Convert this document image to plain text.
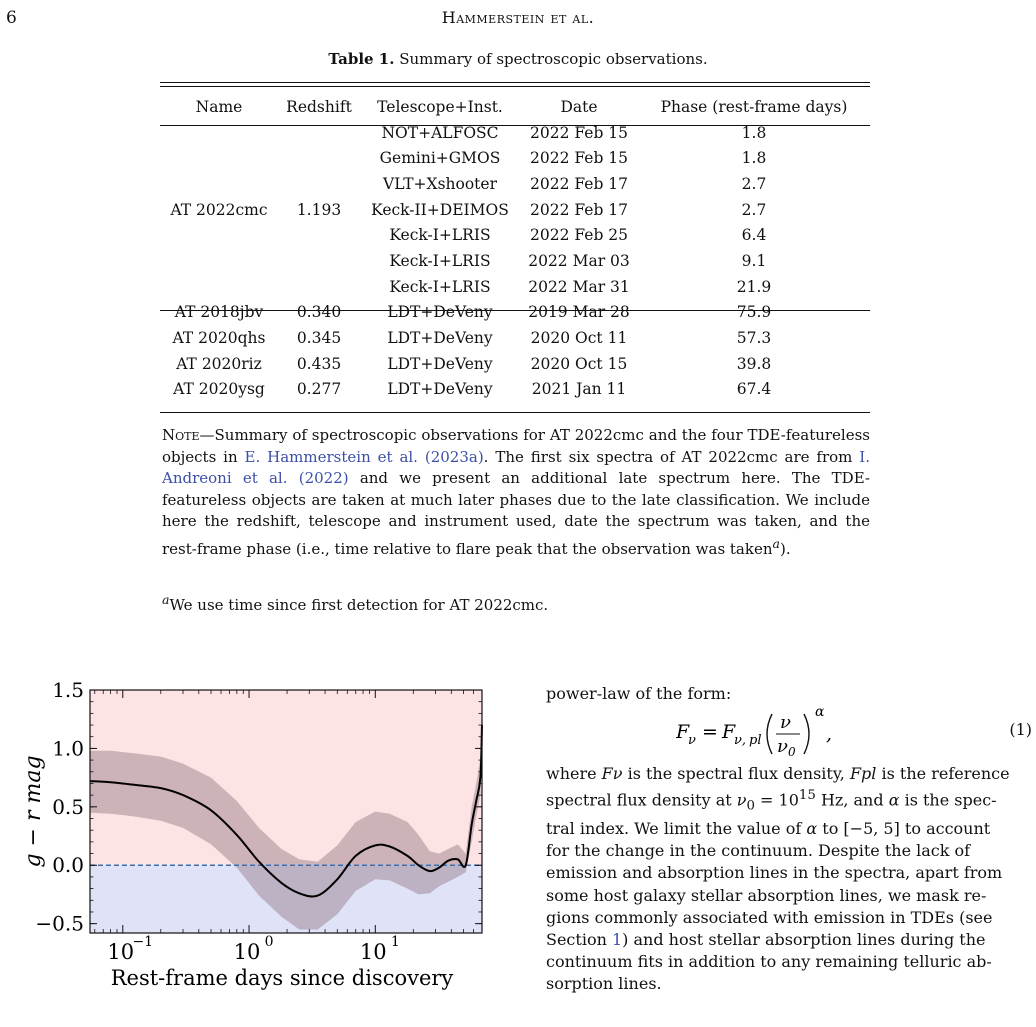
6	Hammerstein et al.
Table 1. Summary of spectroscopic observations.
Name	Redshift	Telescope+Inst.	Date	Phase (rest-frame days)
AT 2022cmc	1.193	NOT+ALFOSC	2022 Feb 15	1.8
		Gemini+GMOS	2022 Feb 15	1.8
		VLT+Xshooter	2022 Feb 17	2.7
		Keck-II+DEIMOS	2022 Feb 17	2.7
		Keck-I+LRIS	2022 Feb 25	6.4
		Keck-I+LRIS	2022 Mar 03	9.1
		Keck-I+LRIS	2022 Mar 31	21.9
AT 2018jbv	0.340	LDT+DeVeny	2019 Mar 28	75.9
AT 2020qhs	0.345	LDT+DeVeny	2020 Oct 11	57.3
AT 2020riz	0.435	LDT+DeVeny	2020 Oct 15	39.8
AT 2020ysg	0.277	LDT+DeVeny	2021 Jan 11	67.4
Note—Summary of spectroscopic observations for AT 2022cmc and the four TDE-featureless objects in E. Hammerstein et al. (2023a). The first six spectra of AT 2022cmc are from I. Andreoni et al. (2022) and we present an additional late spectrum here. The TDE-featureless objects are taken at much later phases due to the late classification. We include here the redshift, telescope and instrument used, date the spectrum was taken, and the rest-frame phase (i.e., time relative to flare peak that the observation was taken$^a$).
$^a$We use time since first detection for AT 2022cmc.
−0.5
0.0
0.5
1.0
1.5
10
−1	10 0	10 1
g − r mag
Rest-frame days since discovery
power-law of the form:
F
ν = F
ν, pl
ν
ν 0
α
,	(1)
where Fν is the spectral flux density, Fpl is the reference
spectral flux density at $\nu_0 = 10^{15}$ Hz, and α is the spec-
tral index. We limit the value of α to [−5, 5] to account
for the change in the continuum. Despite the lack of
emission and absorption lines in the spectra, apart from
some host galaxy stellar absorption lines, we mask re-
gions commonly associated with emission in TDEs (see
Section 1) and host stellar absorption lines during the
continuum fits in addition to any remaining telluric ab-
sorption lines.
